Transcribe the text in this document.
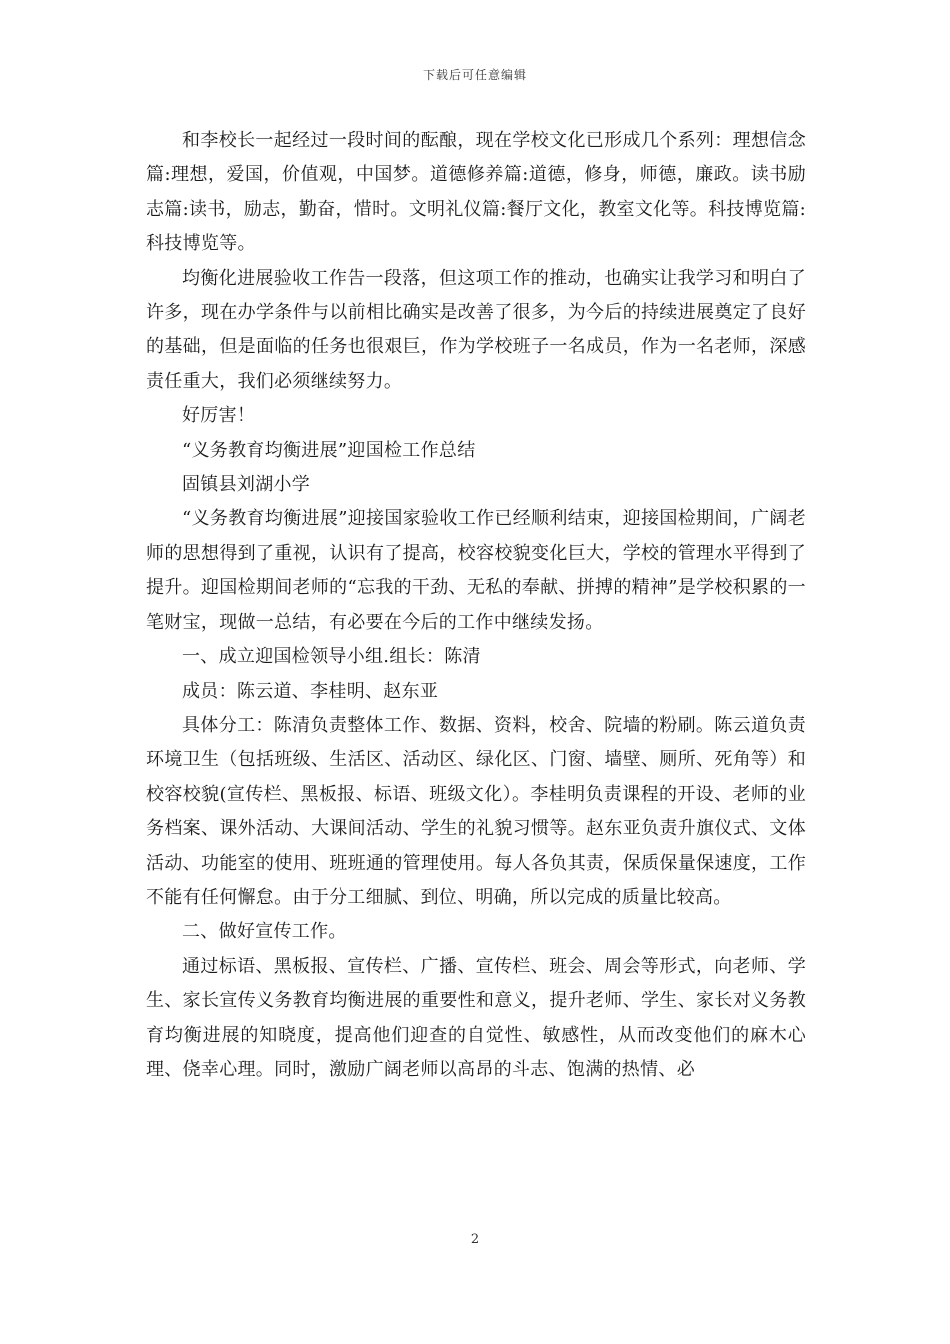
下载后可任意编辑

和李校长一起经过一段时间的酝酿，现在学校文化已形成几个系列：理想信念篇:理想，爱国，价值观，中国梦。道德修养篇:道德，修身，师德，廉政。读书励志篇:读书，励志，勤奋，惜时。文明礼仪篇:餐厅文化，教室文化等。科技博览篇:科技博览等。

均衡化进展验收工作告一段落，但这项工作的推动，也确实让我学习和明白了许多，现在办学条件与以前相比确实是改善了很多，为今后的持续进展奠定了良好的基础，但是面临的任务也很艰巨，作为学校班子一名成员，作为一名老师，深感责任重大，我们必须继续努力。

好厉害！

“义务教育均衡进展”迎国检工作总结

固镇县刘湖小学

“义务教育均衡进展”迎接国家验收工作已经顺利结束，迎接国检期间，广阔老师的思想得到了重视，认识有了提高，校容校貌变化巨大，学校的管理水平得到了提升。迎国检期间老师的“忘我的干劲、无私的奉献、拼搏的精神”是学校积累的一笔财宝，现做一总结，有必要在今后的工作中继续发扬。

一、成立迎国检领导小组.组长：陈清

成员：陈云道、李桂明、赵东亚

具体分工：陈清负责整体工作、数据、资料，校舍、院墙的粉刷。陈云道负责环境卫生（包括班级、生活区、活动区、绿化区、门窗、墙壁、厕所、死角等）和校容校貌(宣传栏、黑板报、标语、班级文化）。李桂明负责课程的开设、老师的业务档案、课外活动、大课间活动、学生的礼貌习惯等。赵东亚负责升旗仪式、文体活动、功能室的使用、班班通的管理使用。每人各负其责，保质保量保速度，工作不能有任何懈怠。由于分工细腻、到位、明确，所以完成的质量比较高。

二、做好宣传工作。

通过标语、黑板报、宣传栏、广播、宣传栏、班会、周会等形式，向老师、学生、家长宣传义务教育均衡进展的重要性和意义，提升老师、学生、家长对义务教育均衡进展的知晓度，提高他们迎查的自觉性、敏感性，从而改变他们的麻木心理、侥幸心理。同时，激励广阔老师以高昂的斗志、饱满的热情、必

2
